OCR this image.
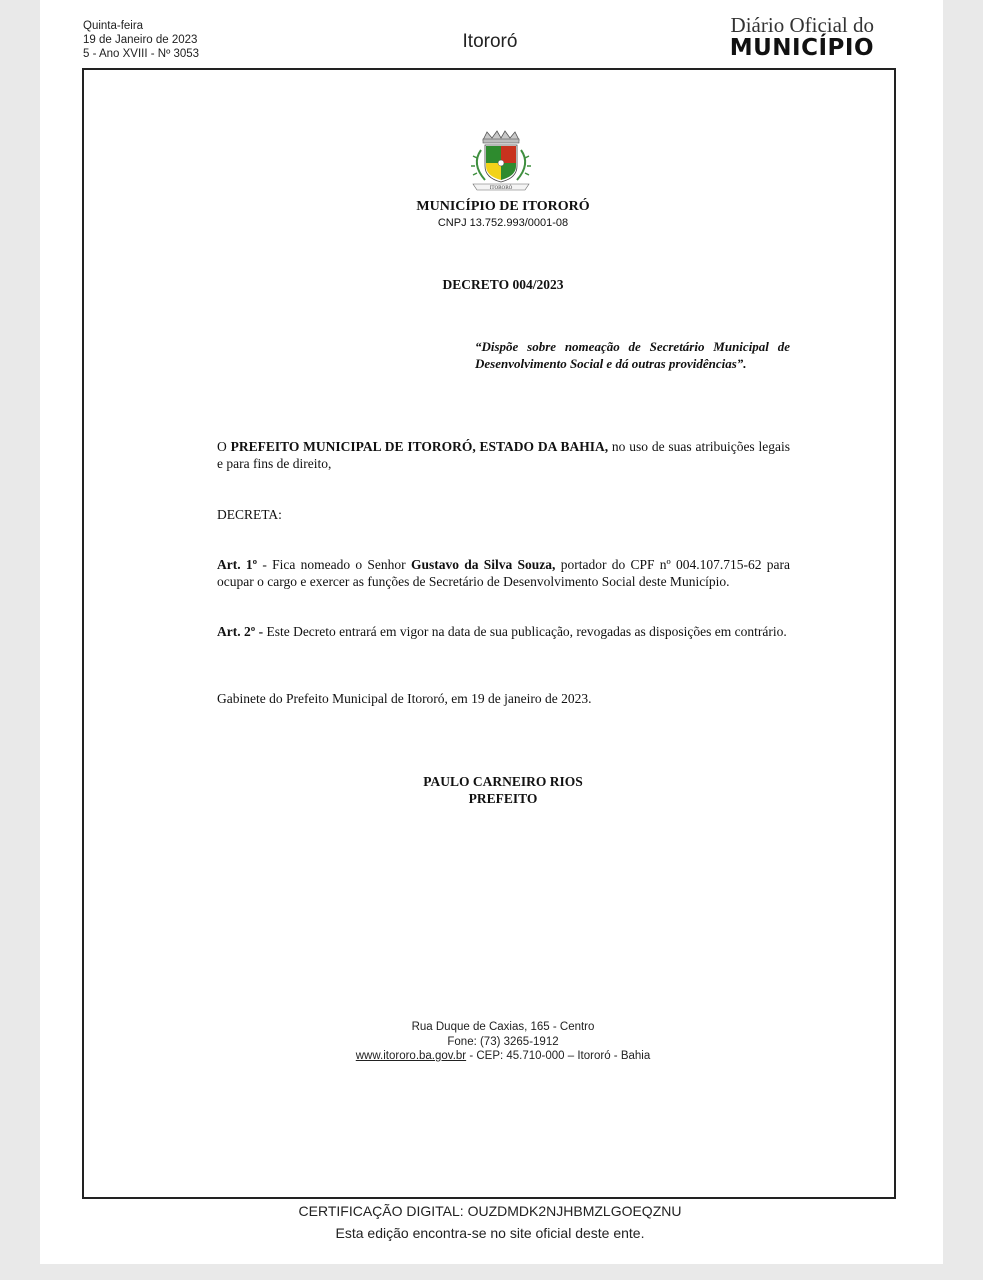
Quinta-feira
19 de Janeiro de 2023
5 - Ano XVIII - Nº 3053
Itororó
Diário Oficial do
MUNICÍPIO
ITORORÓ
MUNICÍPIO DE ITORORÓ
CNPJ 13.752.993/0001-08
DECRETO 004/2023
“Dispõe sobre nomeação de Secretário Municipal de Desenvolvimento Social e dá outras providências”.
O PREFEITO MUNICIPAL DE ITORORÓ, ESTADO DA BAHIA, no uso de suas atribuições legais e para fins de direito,
DECRETA:
Art. 1º - Fica nomeado o Senhor Gustavo da Silva Souza, portador do CPF nº 004.107.715-62 para ocupar o cargo e exercer as funções de Secretário de Desenvolvimento Social deste Município.
Art. 2º - Este Decreto entrará em vigor na data de sua publicação, revogadas as disposições em contrário.
Gabinete do Prefeito Municipal de Itororó, em 19 de janeiro de 2023.
PAULO CARNEIRO RIOS
PREFEITO
Rua Duque de Caxias, 165 - Centro
Fone: (73) 3265-1912
www.itororo.ba.gov.br - CEP: 45.710-000 – Itororó - Bahia
CERTIFICAÇÃO DIGITAL: OUZDMDK2NJHBMZLGOEQZNU
Esta edição encontra-se no site oficial deste ente.
